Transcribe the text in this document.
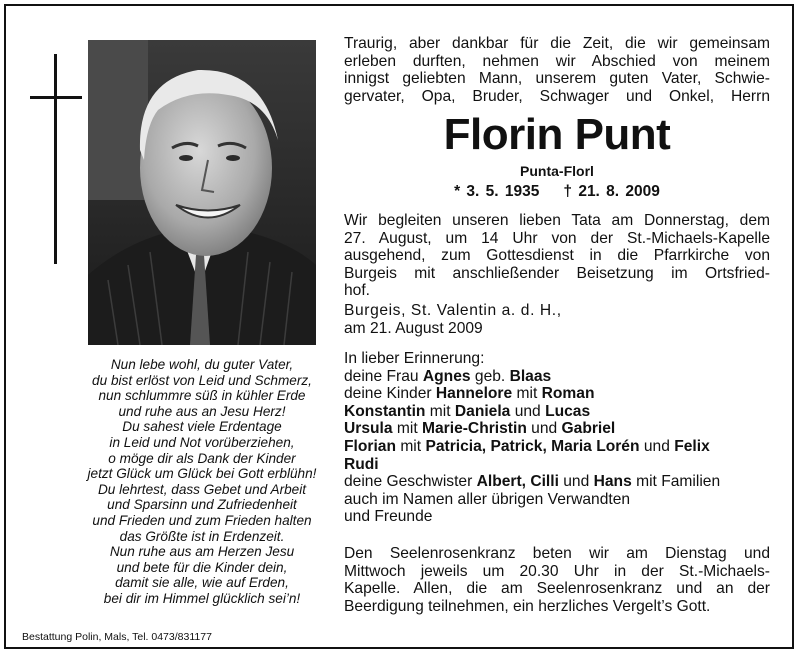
Nun lebe wohl, du guter Vater,
du bist erlöst von Leid und Schmerz,
nun schlummre süß in kühler Erde
und ruhe aus an Jesu Herz!
Du sahest viele Erdentage
in Leid und Not vorüberziehen,
o möge dir als Dank der Kinder
jetzt Glück um Glück bei Gott erblühn!
Du lehrtest, dass Gebet und Arbeit
und Sparsinn und Zufriedenheit
und Frieden und zum Frieden halten
das Größte ist in Erdenzeit.
Nun ruhe aus am Herzen Jesu
und bete für die Kinder dein,
damit sie alle, wie auf Erden,
bei dir im Himmel glücklich sei’n!
Bestattung Polin, Mals, Tel. 0473/831177
Traurig, aber dankbar für die Zeit, die wir gemeinsam
erleben durften, nehmen wir Abschied von meinem
innigst geliebten Mann, unserem guten Vater, Schwie-
gervater, Opa, Bruder, Schwager und Onkel, Herrn
Florin Punt
Punta-Florl
* 3. 5. 1935 † 21. 8. 2009
Wir begleiten unseren lieben Tata am Donnerstag, dem
27. August, um 14 Uhr von der St.-Michaels-Kapelle
ausgehend, zum Gottesdienst in die Pfarrkirche von
Burgeis mit anschließender Beisetzung im Ortsfried-
hof.
Burgeis, St. Valentin a. d. H.,
am 21. August 2009
In lieber Erinnerung:
deine Frau Agnes geb. Blaas
deine Kinder Hannelore mit Roman
Konstantin mit Daniela und Lucas
Ursula mit Marie-Christin und Gabriel
Florian mit Patricia, Patrick, Maria Lorén und Felix
Rudi
deine Geschwister Albert, Cilli und Hans mit Familien
auch im Namen aller übrigen Verwandten
und Freunde
Den Seelenrosenkranz beten wir am Dienstag und
Mittwoch jeweils um 20.30 Uhr in der St.-Michaels-
Kapelle. Allen, die am Seelenrosenkranz und an der
Beerdigung teilnehmen, ein herzliches Vergelt’s Gott.
